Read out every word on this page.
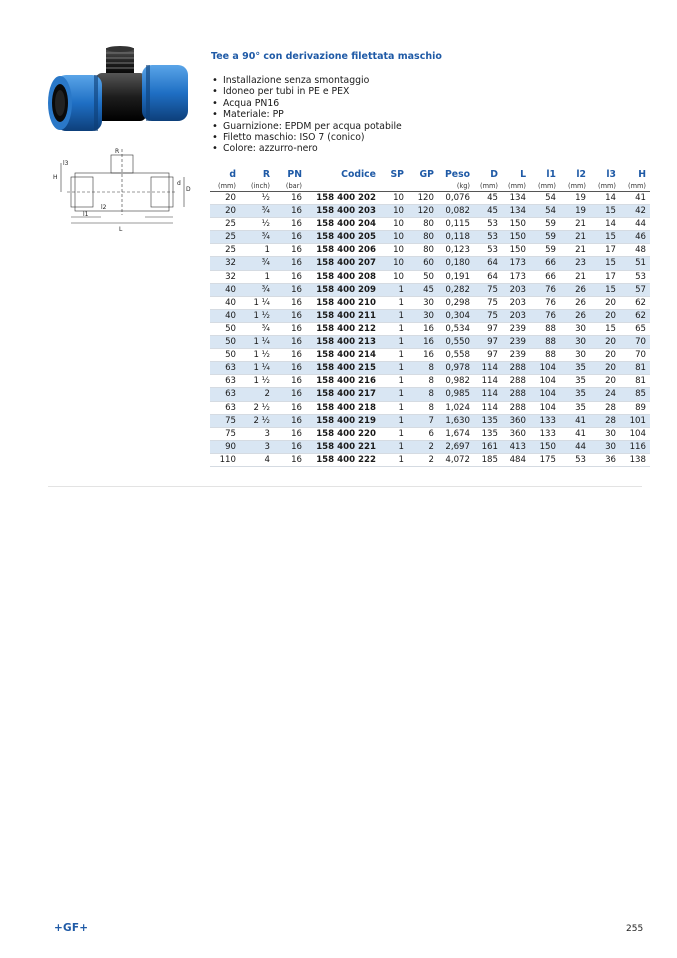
R
H
l3
D
d
l1
l2
L
Tee a 90° con derivazione filettata maschio
• Installazione senza smontaggio
• Idoneo per tubi in PE e PEX
• Acqua PN16
• Materiale: PP
• Guarnizione: EPDM per acqua potabile
• Filetto maschio: ISO 7 (conico)
• Colore: azzurro-nero
d	R	PN	Codice	SP	GP	Peso	D	L	l1	l2	l3	H
(mm)	(inch)	(bar)				(kg)	(mm)	(mm)	(mm)	(mm)	(mm)	(mm)
20	½	16	158 400 202	10	120	0,076	45	134	54	19	14	41
20	¾	16	158 400 203	10	120	0,082	45	134	54	19	15	42
25	½	16	158 400 204	10	80	0,115	53	150	59	21	14	44
25	¾	16	158 400 205	10	80	0,118	53	150	59	21	15	46
25	1	16	158 400 206	10	80	0,123	53	150	59	21	17	48
32	¾	16	158 400 207	10	60	0,180	64	173	66	23	15	51
32	1	16	158 400 208	10	50	0,191	64	173	66	21	17	53
40	¾	16	158 400 209	1	45	0,282	75	203	76	26	15	57
40	1 ¼	16	158 400 210	1	30	0,298	75	203	76	26	20	62
40	1 ½	16	158 400 211	1	30	0,304	75	203	76	26	20	62
50	¾	16	158 400 212	1	16	0,534	97	239	88	30	15	65
50	1 ¼	16	158 400 213	1	16	0,550	97	239	88	30	20	70
50	1 ½	16	158 400 214	1	16	0,558	97	239	88	30	20	70
63	1 ¼	16	158 400 215	1	8	0,978	114	288	104	35	20	81
63	1 ½	16	158 400 216	1	8	0,982	114	288	104	35	20	81
63	2	16	158 400 217	1	8	0,985	114	288	104	35	24	85
63	2 ½	16	158 400 218	1	8	1,024	114	288	104	35	28	89
75	2 ½	16	158 400 219	1	7	1,630	135	360	133	41	28	101
75	3	16	158 400 220	1	6	1,674	135	360	133	41	30	104
90	3	16	158 400 221	1	2	2,697	161	413	150	44	30	116
110	4	16	158 400 222	1	2	4,072	185	484	175	53	36	138
+GF+	255
